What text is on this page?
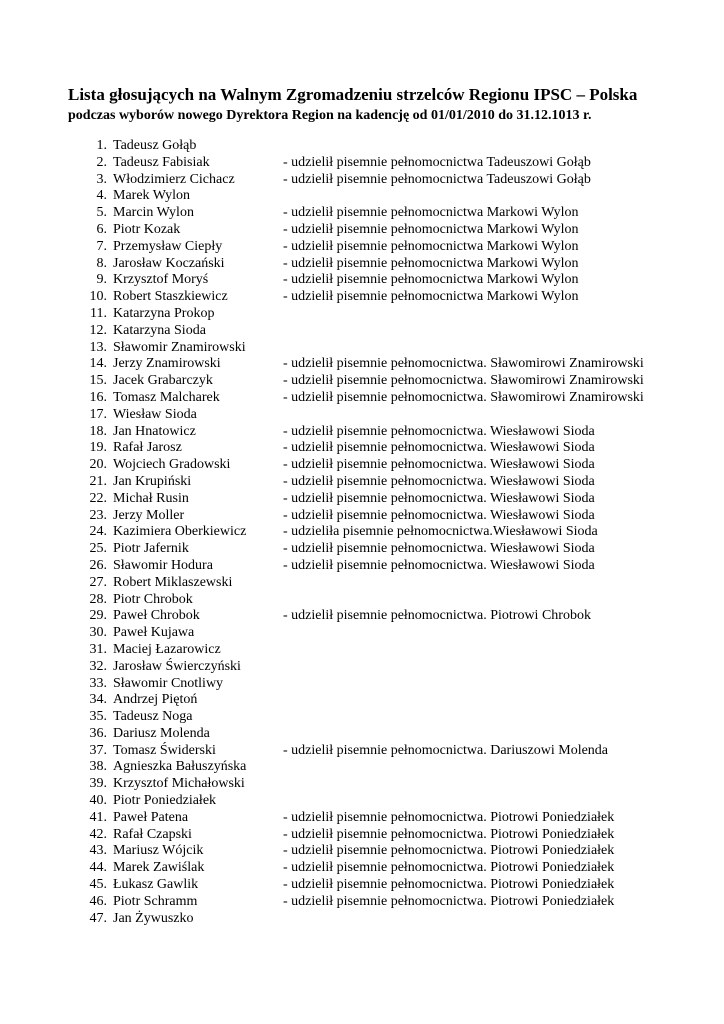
Lista głosujących na Walnym Zgromadzeniu strzelców Regionu IPSC – Polska
podczas wyborów nowego Dyrektora Region na kadencję od 01/01/2010 do 31.12.1013 r.
1. Tadeusz Gołąb
2. Tadeusz Fabisiak	- udzielił pisemnie pełnomocnictwa Tadeuszowi Gołąb
3. Włodzimierz Cichacz	- udzielił pisemnie pełnomocnictwa Tadeuszowi Gołąb
4. Marek Wylon
5. Marcin Wylon	- udzielił pisemnie pełnomocnictwa Markowi Wylon
6. Piotr Kozak	- udzielił pisemnie pełnomocnictwa Markowi Wylon
7. Przemysław Ciepły	- udzielił pisemnie pełnomocnictwa Markowi Wylon
8. Jarosław Koczański	- udzielił pisemnie pełnomocnictwa Markowi Wylon
9. Krzysztof Moryś	- udzielił pisemnie pełnomocnictwa Markowi Wylon
10. Robert Staszkiewicz	- udzielił pisemnie pełnomocnictwa Markowi Wylon
11. Katarzyna Prokop
12. Katarzyna Sioda
13. Sławomir Znamirowski
14. Jerzy Znamirowski	- udzielił pisemnie pełnomocnictwa. Sławomirowi Znamirowski
15. Jacek Grabarczyk	- udzielił pisemnie pełnomocnictwa. Sławomirowi Znamirowski
16. Tomasz Malcharek	- udzielił pisemnie pełnomocnictwa. Sławomirowi Znamirowski
17. Wiesław Sioda
18. Jan Hnatowicz	- udzielił pisemnie pełnomocnictwa. Wiesławowi Sioda
19. Rafał Jarosz	- udzielił pisemnie pełnomocnictwa. Wiesławowi Sioda
20. Wojciech Gradowski	- udzielił pisemnie pełnomocnictwa. Wiesławowi Sioda
21. Jan Krupiński	- udzielił pisemnie pełnomocnictwa. Wiesławowi Sioda
22. Michał Rusin	- udzielił pisemnie pełnomocnictwa. Wiesławowi Sioda
23. Jerzy Moller	- udzielił pisemnie pełnomocnictwa. Wiesławowi Sioda
24. Kazimiera Oberkiewicz	- udzieliła pisemnie pełnomocnictwa.Wiesławowi Sioda
25. Piotr Jafernik	- udzielił pisemnie pełnomocnictwa. Wiesławowi Sioda
26. Sławomir Hodura	- udzielił pisemnie pełnomocnictwa. Wiesławowi Sioda
27. Robert Miklaszewski
28. Piotr Chrobok
29. Paweł Chrobok	- udzielił pisemnie pełnomocnictwa. Piotrowi Chrobok
30. Paweł Kujawa
31. Maciej Łazarowicz
32. Jarosław Świerczyński
33. Sławomir Cnotliwy
34. Andrzej Piętoń
35. Tadeusz Noga
36. Dariusz Molenda
37. Tomasz Świderski	- udzielił pisemnie pełnomocnictwa. Dariuszowi Molenda
38. Agnieszka Bałuszyńska
39. Krzysztof Michałowski
40. Piotr Poniedziałek
41. Paweł Patena	- udzielił pisemnie pełnomocnictwa. Piotrowi Poniedziałek
42. Rafał Czapski	- udzielił pisemnie pełnomocnictwa. Piotrowi Poniedziałek
43. Mariusz Wójcik	- udzielił pisemnie pełnomocnictwa. Piotrowi Poniedziałek
44. Marek Zawiślak	- udzielił pisemnie pełnomocnictwa. Piotrowi Poniedziałek
45. Łukasz Gawlik	- udzielił pisemnie pełnomocnictwa. Piotrowi Poniedziałek
46. Piotr Schramm	- udzielił pisemnie pełnomocnictwa. Piotrowi Poniedziałek
47. Jan Żywuszko
